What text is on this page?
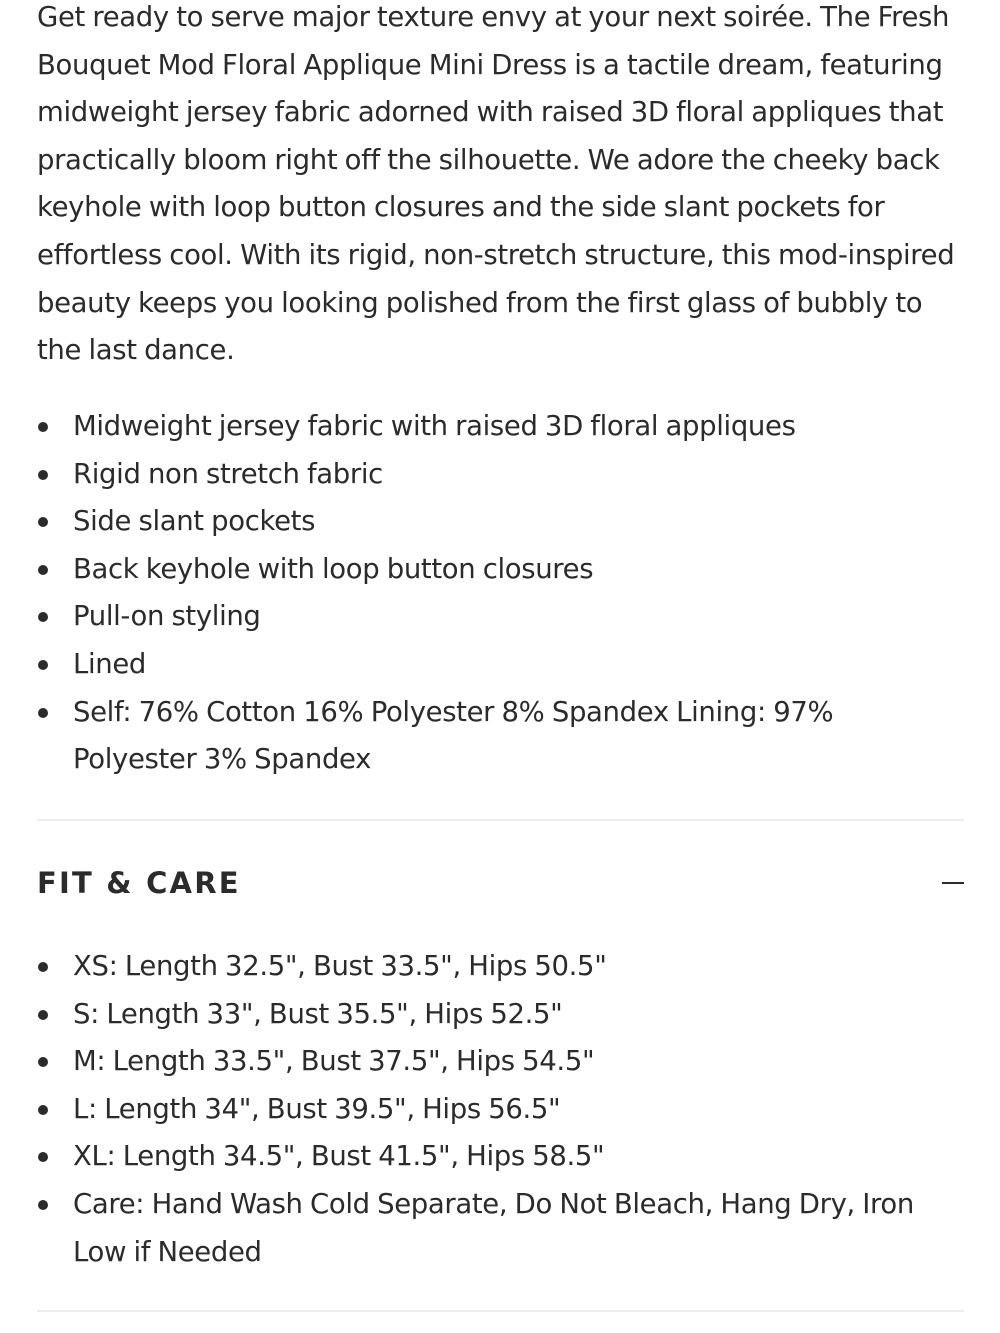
Get ready to serve major texture envy at your next soirée. The Fresh Bouquet Mod Floral Applique Mini Dress is a tactile dream, featuring midweight jersey fabric adorned with raised 3D floral appliques that practically bloom right off the silhouette. We adore the cheeky back keyhole with loop button closures and the side slant pockets for effortless cool. With its rigid, non-stretch structure, this mod-inspired beauty keeps you looking polished from the first glass of bubbly to the last dance.

Midweight jersey fabric with raised 3D floral appliques
Rigid non stretch fabric
Side slant pockets
Back keyhole with loop button closures
Pull-on styling
Lined
Self: 76% Cotton 16% Polyester 8% Spandex Lining: 97% Polyester 3% Spandex
FIT & CARE
XS: Length 32.5", Bust 33.5", Hips 50.5"
S: Length 33", Bust 35.5", Hips 52.5"
M: Length 33.5", Bust 37.5", Hips 54.5"
L: Length 34", Bust 39.5", Hips 56.5"
XL: Length 34.5", Bust 41.5", Hips 58.5"
Care: Hand Wash Cold Separate, Do Not Bleach, Hang Dry, Iron Low if Needed
